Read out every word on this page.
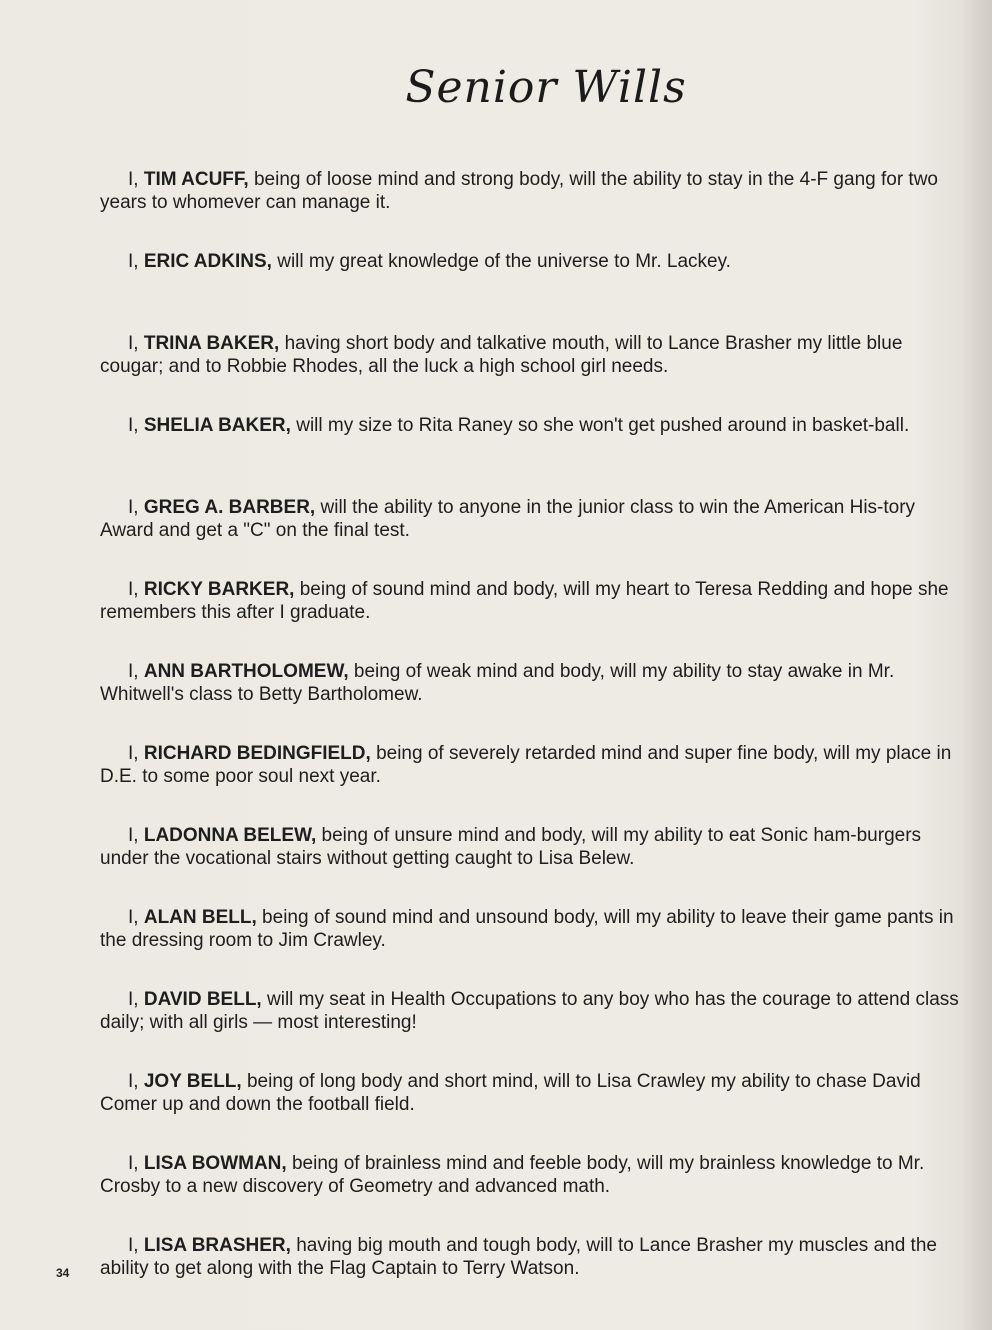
Senior Wills

I, TIM ACUFF, being of loose mind and strong body, will the ability to stay in the 4-F gang for two years to whomever can manage it.

I, ERIC ADKINS, will my great knowledge of the universe to Mr. Lackey.

I, TRINA BAKER, having short body and talkative mouth, will to Lance Brasher my little blue cougar; and to Robbie Rhodes, all the luck a high school girl needs.

I, SHELIA BAKER, will my size to Rita Raney so she won't get pushed around in basket-ball.

I, GREG A. BARBER, will the ability to anyone in the junior class to win the American His-tory Award and get a "C" on the final test.

I, RICKY BARKER, being of sound mind and body, will my heart to Teresa Redding and hope she remembers this after I graduate.

I, ANN BARTHOLOMEW, being of weak mind and body, will my ability to stay awake in Mr. Whitwell's class to Betty Bartholomew.

I, RICHARD BEDINGFIELD, being of severely retarded mind and super fine body, will my place in D.E. to some poor soul next year.

I, LADONNA BELEW, being of unsure mind and body, will my ability to eat Sonic ham-burgers under the vocational stairs without getting caught to Lisa Belew.

I, ALAN BELL, being of sound mind and unsound body, will my ability to leave their game pants in the dressing room to Jim Crawley.

I, DAVID BELL, will my seat in Health Occupations to any boy who has the courage to attend class daily; with all girls — most interesting!

I, JOY BELL, being of long body and short mind, will to Lisa Crawley my ability to chase David Comer up and down the football field.

I, LISA BOWMAN, being of brainless mind and feeble body, will my brainless knowledge to Mr. Crosby to a new discovery of Geometry and advanced math.

I, LISA BRASHER, having big mouth and tough body, will to Lance Brasher my muscles and the ability to get along with the Flag Captain to Terry Watson.

34
